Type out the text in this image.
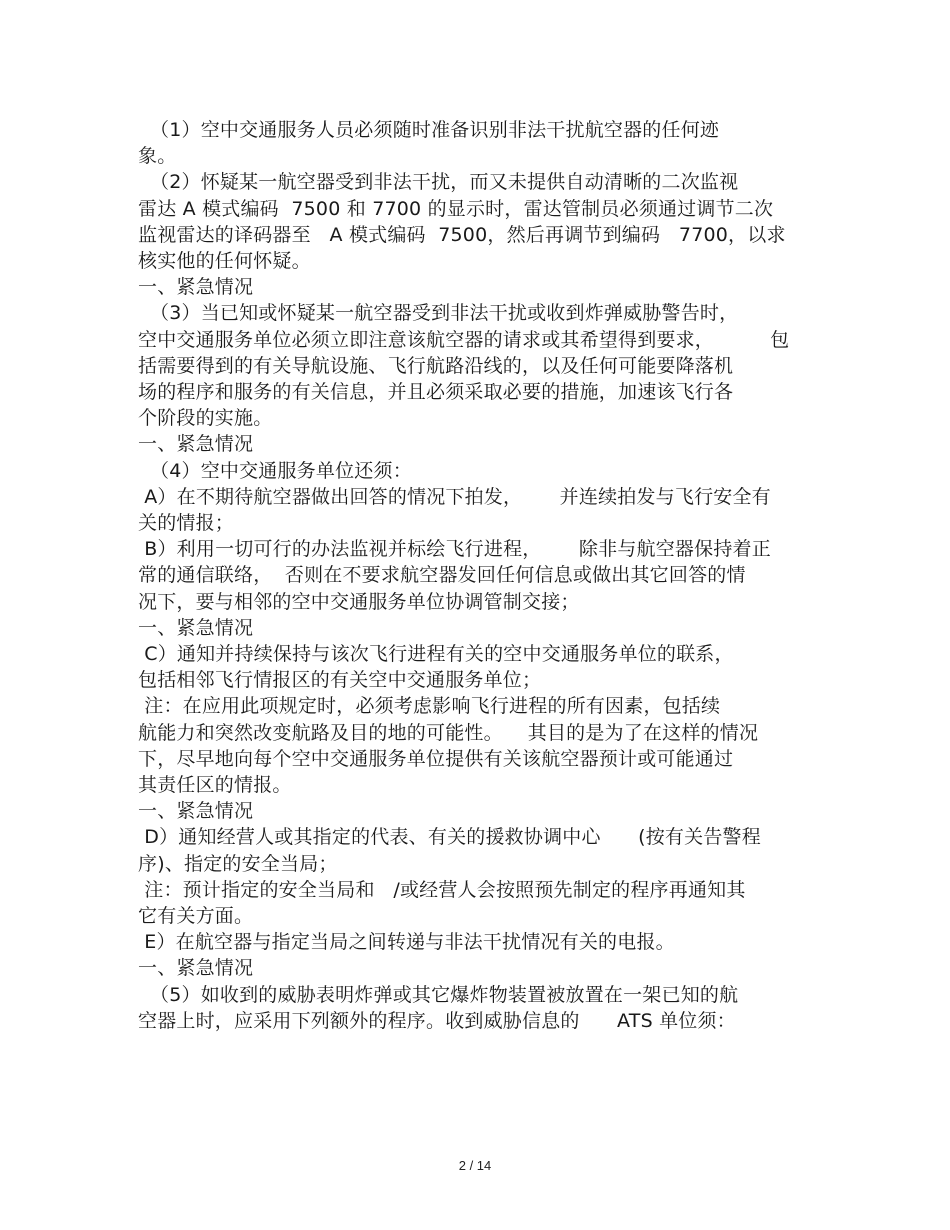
（1）空中交通服务人员必须随时准备识别非法干扰航空器的任何迹
象。
（2）怀疑某一航空器受到非法干扰，而又未提供自动清晰的二次监视
雷达 A 模式编码  7500 和 7700 的显示时，雷达管制员必须通过调节二次
监视雷达的译码器至   A 模式编码  7500，然后再调节到编码   7700，以求
核实他的任何怀疑。
一、紧急情况
（3）当已知或怀疑某一航空器受到非法干扰或收到炸弹威胁警告时，
空中交通服务单位必须立即注意该航空器的请求或其希望得到要求，         包
括需要得到的有关导航设施、飞行航路沿线的，以及任何可能要降落机
场的程序和服务的有关信息，并且必须采取必要的措施，加速该飞行各
个阶段的实施。
一、紧急情况
（4）空中交通服务单位还须：
A）在不期待航空器做出回答的情况下拍发，      并连续拍发与飞行安全有
关的情报；
B）利用一切可行的办法监视并标绘飞行进程，      除非与航空器保持着正
常的通信联络，  否则在不要求航空器发回任何信息或做出其它回答的情
况下，要与相邻的空中交通服务单位协调管制交接；
一、紧急情况
C）通知并持续保持与该次飞行进程有关的空中交通服务单位的联系，
包括相邻飞行情报区的有关空中交通服务单位；
注：在应用此项规定时，必须考虑影响飞行进程的所有因素，包括续
航能力和突然改变航路及目的地的可能性。    其目的是为了在这样的情况
下，尽早地向每个空中交通服务单位提供有关该航空器预计或可能通过
其责任区的情报。
一、紧急情况
D）通知经营人或其指定的代表、有关的援救协调中心      (按有关告警程
序)、指定的安全当局；
注：预计指定的安全当局和   /或经营人会按照预先制定的程序再通知其
它有关方面。
E）在航空器与指定当局之间转递与非法干扰情况有关的电报。
一、紧急情况
（5）如收到的威胁表明炸弹或其它爆炸物装置被放置在一架已知的航
空器上时，应采用下列额外的程序。收到威胁信息的      ATS 单位须：
2 / 14
